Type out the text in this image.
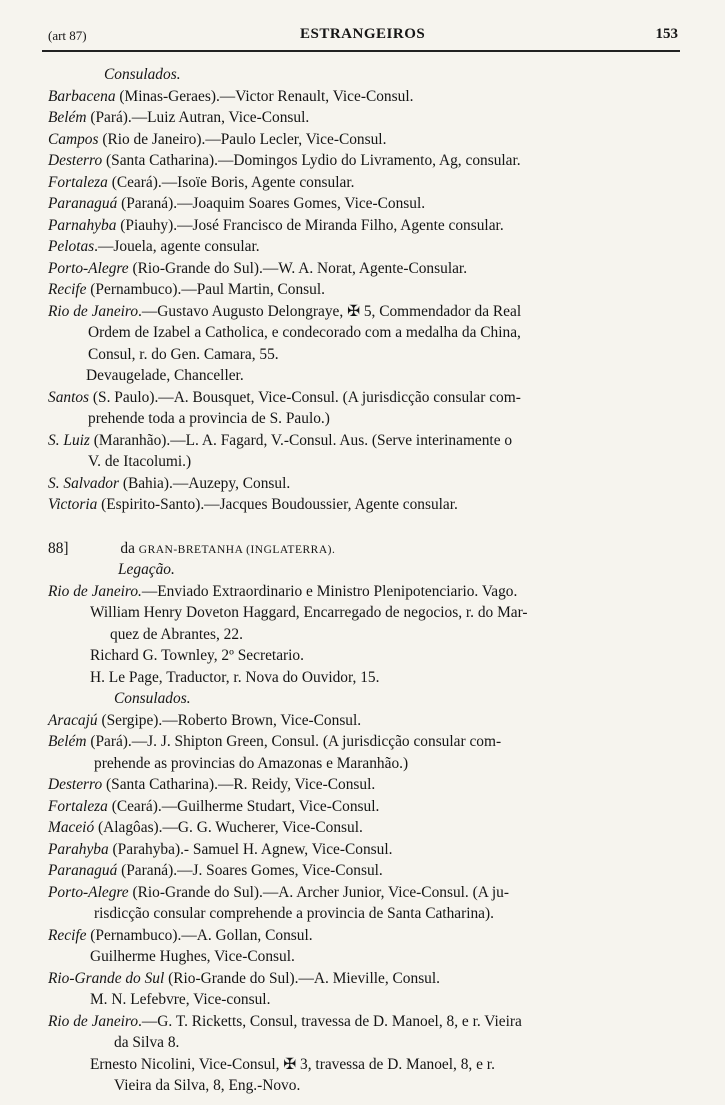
(art 87)	ESTRANGEIROS	153
Consulados.
Barbacena (Minas-Geraes).—Victor Renault, Vice-Consul.
Belém (Pará).—Luiz Autran, Vice-Consul.
Campos (Rio de Janeiro).—Paulo Lecler, Vice-Consul.
Desterro (Santa Catharina).—Domingos Lydio do Livramento, Ag, consular.
Fortaleza (Ceará).—Isoïe Boris, Agente consular.
Paranaguá (Paraná).—Joaquim Soares Gomes, Vice-Consul.
Parnahyba (Piauhy).—José Francisco de Miranda Filho, Agente consular.
Pelotas.—Jouela, agente consular.
Porto-Alegre (Rio-Grande do Sul).—W. A. Norat, Agente-Consular.
Recife (Pernambuco).—Paul Martin, Consul.
Rio de Janeiro.—Gustavo Augusto Delongraye, ✠ 5, Commendador da Real
Ordem de Izabel a Catholica, e condecorado com a medalha da China,
Consul, r. do Gen. Camara, 55.
Devaugelade, Chanceller.
Santos (S. Paulo).—A. Bousquet, Vice-Consul. (A jurisdicção consular com-
prehende toda a provincia de S. Paulo.)
S. Luiz (Maranhão).—L. A. Fagard, V.-Consul. Aus. (Serve interinamente o
V. de Itacolumi.)
S. Salvador (Bahia).—Auzepy, Consul.
Victoria (Espirito-Santo).—Jacques Boudoussier, Agente consular.
88]	da GRAN-BRETANHA (INGLATERRA).
Legação.
Rio de Janeiro.—Enviado Extraordinario e Ministro Plenipotenciario. Vago.
William Henry Doveton Haggard, Encarregado de negocios, r. do Mar-
quez de Abrantes, 22.
Richard G. Townley, 2º Secretario.
H. Le Page, Traductor, r. Nova do Ouvidor, 15.
Consulados.
Aracajú (Sergipe).—Roberto Brown, Vice-Consul.
Belém (Pará).—J. J. Shipton Green, Consul. (A jurisdicção consular com-
prehende as provincias do Amazonas e Maranhão.)
Desterro (Santa Catharina).—R. Reidy, Vice-Consul.
Fortaleza (Ceará).—Guilherme Studart, Vice-Consul.
Maceió (Alagôas).—G. G. Wucherer, Vice-Consul.
Parahyba (Parahyba).- Samuel H. Agnew, Vice-Consul.
Paranaguá (Paraná).—J. Soares Gomes, Vice-Consul.
Porto-Alegre (Rio-Grande do Sul).—A. Archer Junior, Vice-Consul. (A ju-
risdicção consular comprehende a provincia de Santa Catharina).
Recife (Pernambuco).—A. Gollan, Consul.
Guilherme Hughes, Vice-Consul.
Rio-Grande do Sul (Rio-Grande do Sul).—A. Mieville, Consul.
M. N. Lefebvre, Vice-consul.
Rio de Janeiro.—G. T. Ricketts, Consul, travessa de D. Manoel, 8, e r. Vieira
da Silva 8.
Ernesto Nicolini, Vice-Consul, ✠ 3, travessa de D. Manoel, 8, e r.
Vieira da Silva, 8, Eng.-Novo.
